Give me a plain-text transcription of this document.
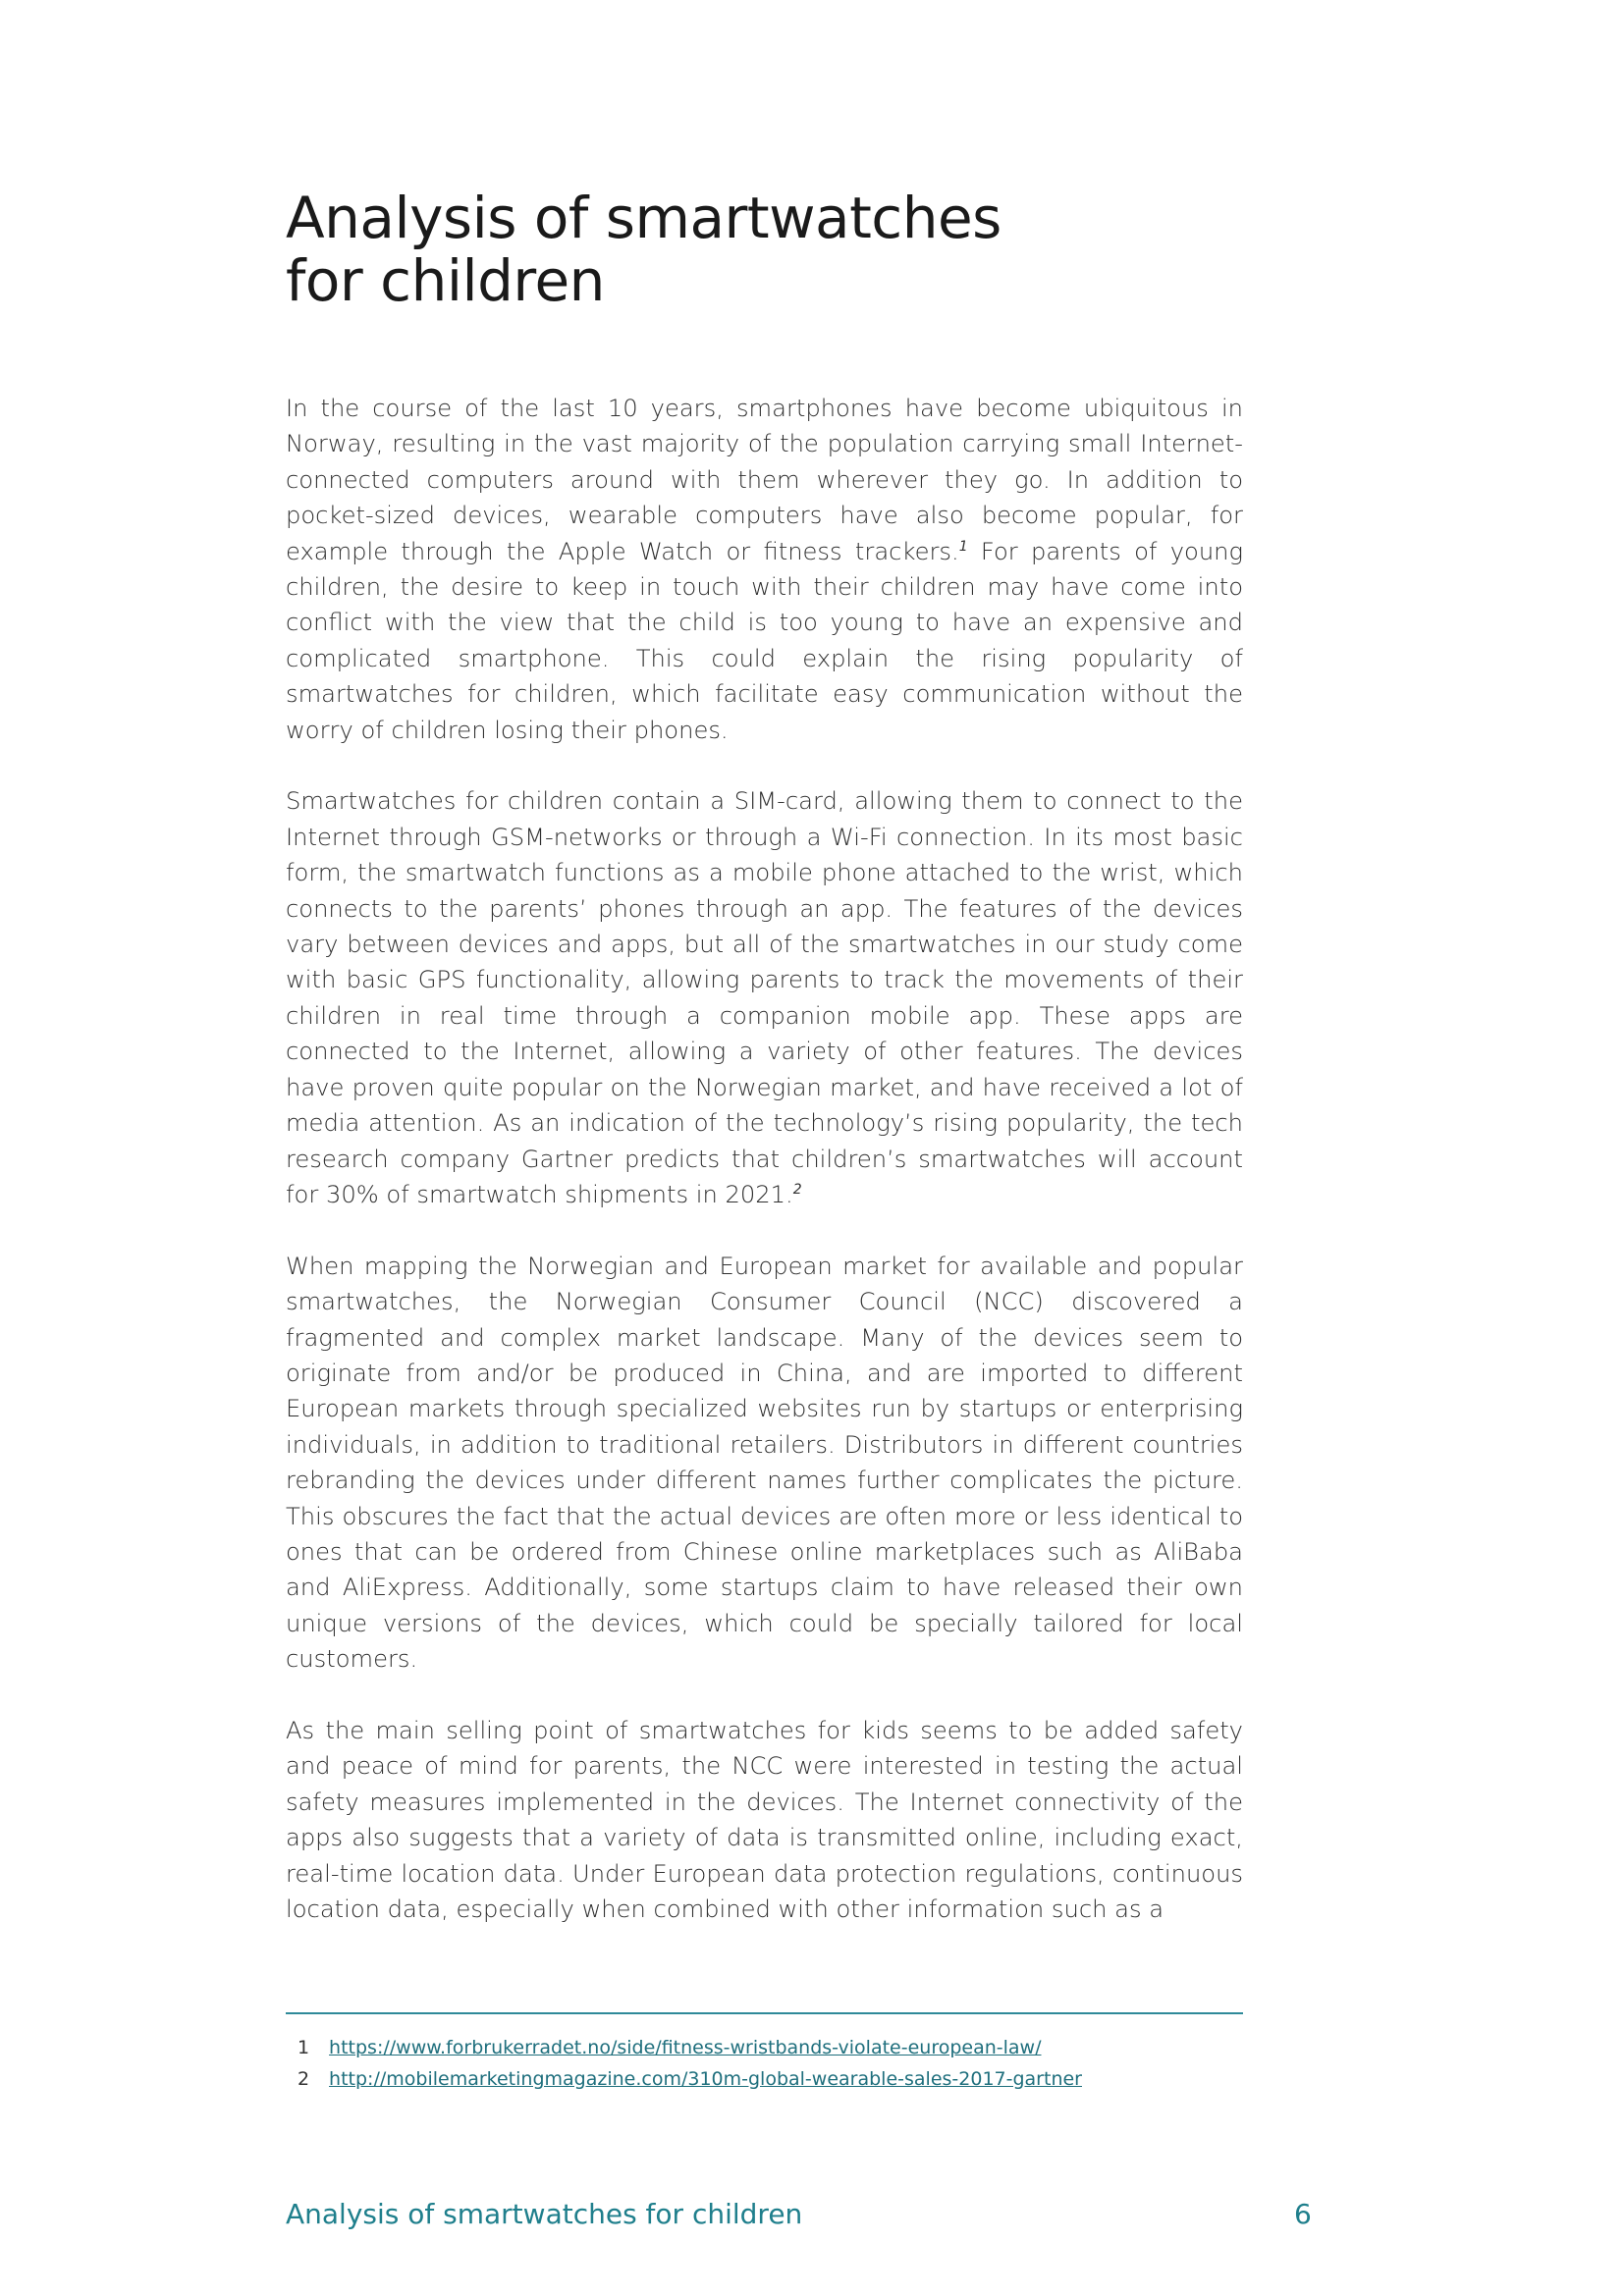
Analysis of smartwatches
for children

In the course of the last 10 years, smartphones have become ubiquitous in Norway, resulting in the vast majority of the population carrying small Internet-connected computers around with them wherever they go. In addition to pocket-sized devices, wearable computers have also become popular, for example through the Apple Watch or fitness trackers.$^1$ For parents of young children, the desire to keep in touch with their children may have come into conflict with the view that the child is too young to have an expensive and complicated smartphone. This could explain the rising popularity of smartwatches for children, which facilitate easy communication without the worry of children losing their phones.

Smartwatches for children contain a SIM-card, allowing them to connect to the Internet through GSM-networks or through a Wi-Fi connection. In its most basic form, the smartwatch functions as a mobile phone attached to the wrist, which connects to the parents’ phones through an app. The features of the devices vary between devices and apps, but all of the smartwatches in our study come with basic GPS functionality, allowing parents to track the movements of their children in real time through a companion mobile app. These apps are connected to the Internet, allowing a variety of other features. The devices have proven quite popular on the Norwegian market, and have received a lot of media attention. As an indication of the technology’s rising popularity, the tech research company Gartner predicts that children’s smartwatches will account for 30% of smartwatch shipments in 2021.$^2$

When mapping the Norwegian and European market for available and popular smartwatches, the Norwegian Consumer Council (NCC) discovered a fragmented and complex market landscape. Many of the devices seem to originate from and/or be produced in China, and are imported to different European markets through specialized websites run by startups or enterprising individuals, in addition to traditional retailers. Distributors in different countries rebranding the devices under different names further complicates the picture. This obscures the fact that the actual devices are often more or less identical to ones that can be ordered from Chinese online marketplaces such as AliBaba and AliExpress. Additionally, some startups claim to have released their own unique versions of the devices, which could be specially tailored for local customers.

As the main selling point of smartwatches for kids seems to be added safety and peace of mind for parents, the NCC were interested in testing the actual safety measures implemented in the devices. The Internet connectivity of the apps also suggests that a variety of data is transmitted online, including exact, real-time location data. Under European data protection regulations, continuous location data, especially when combined with other information such as a

1 https://www.forbrukerradet.no/side/fitness-wristbands-violate-european-law/
2 http://mobilemarketingmagazine.com/310m-global-wearable-sales-2017-gartner
Analysis of smartwatches for children	6
